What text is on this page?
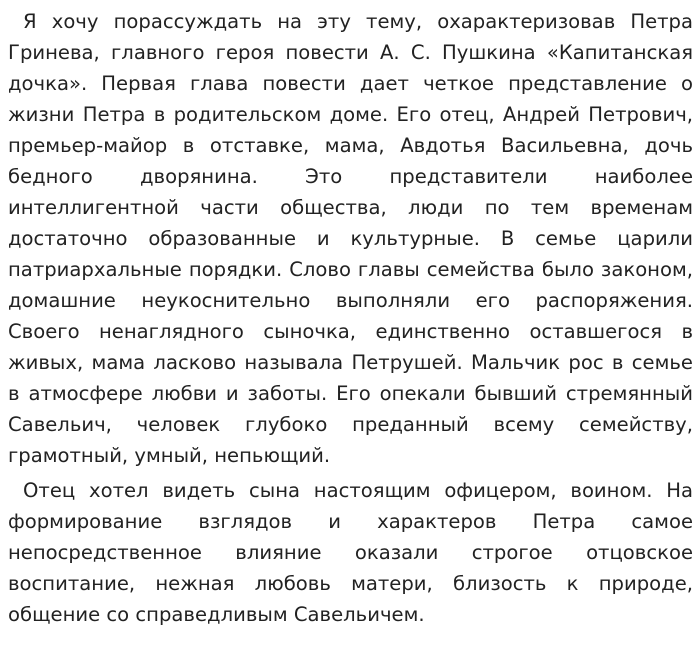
Я хочу порассуждать на эту тему, охарактеризовав Петра Гринева, главного героя повести А. С. Пушкина «Капитанская дочка». Первая глава повести дает четкое представление о жизни Петра в родительском доме. Его отец, Андрей Петрович, премьер-майор в отставке, мама, Авдотья Васильевна, дочь бедного дворянина. Это представители наиболее интеллигентной части общества, люди по тем временам достаточно образованные и культурные. В семье царили патриархальные порядки. Слово главы семейства было законом, домашние неукоснительно выполняли его распоряжения. Своего ненаглядного сыночка, единственно оставшегося в живых, мама ласково называла Петрушей. Мальчик рос в семье в атмосфере любви и заботы. Его опекали бывший стремянный Савельич, человек глубоко преданный всему семейству, грамотный, умный, непьющий.

Отец хотел видеть сына настоящим офицером, воином. На формирование взглядов и характеров Петра самое непосредственное влияние оказали строгое отцовское воспитание, нежная любовь матери, близость к природе, общение со справедливым Савельичем.
